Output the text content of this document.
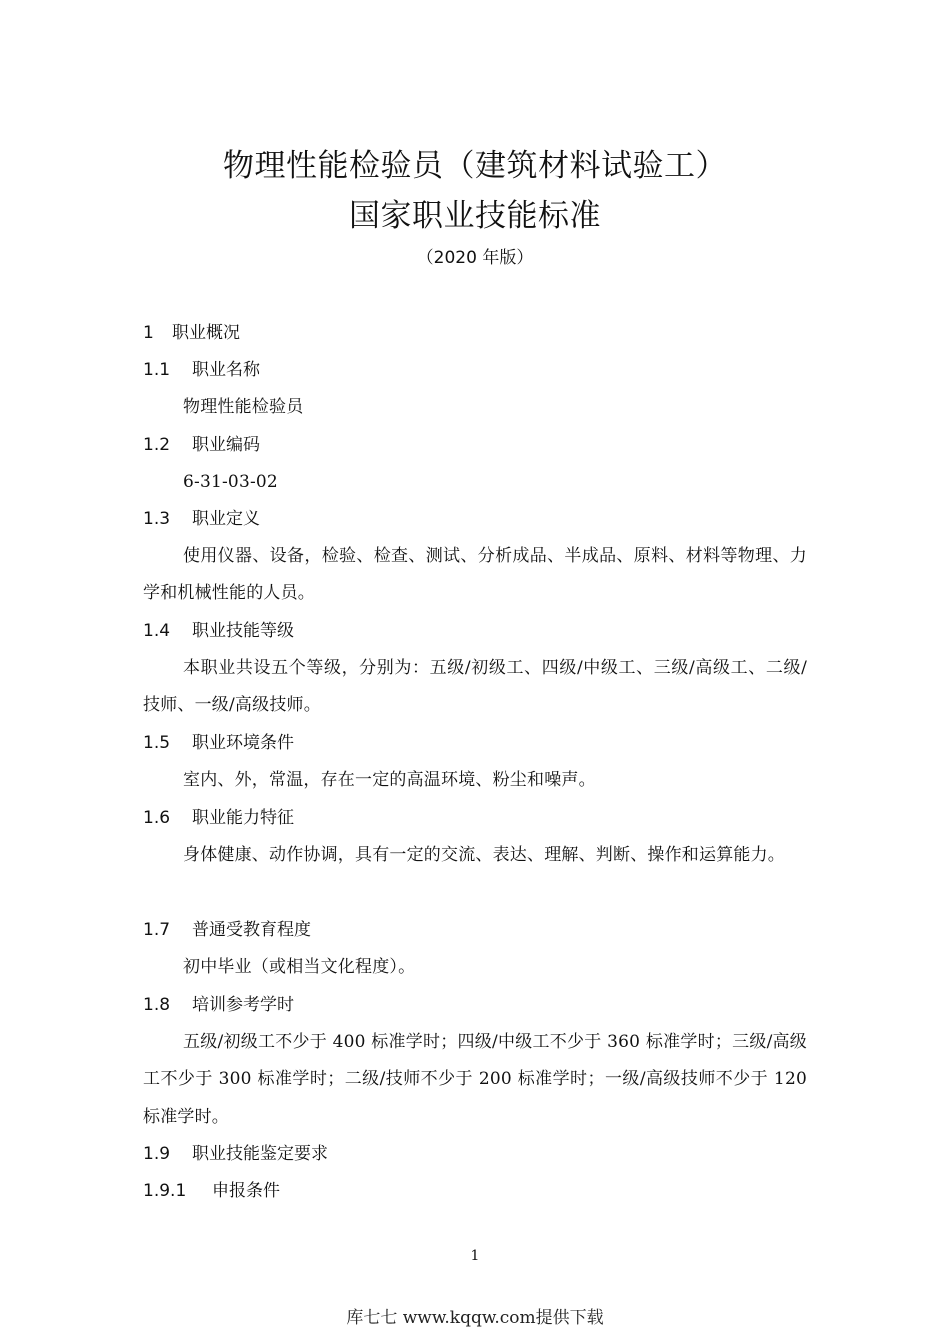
物理性能检验员（建筑材料试验工）
国家职业技能标准
（2020 年版）
1 职业概况
1.1 职业名称
物理性能检验员
1.2 职业编码
6-31-03-02
1.3 职业定义
使用仪器、设备，检验、检查、测试、分析成品、半成品、原料、材料等物理、力学和机械性能的人员。
1.4 职业技能等级
本职业共设五个等级，分别为：五级/初级工、四级/中级工、三级/高级工、二级/技师、一级/高级技师。
1.5 职业环境条件
室内、外，常温，存在一定的高温环境、粉尘和噪声。
1.6 职业能力特征
身体健康、动作协调，具有一定的交流、表达、理解、判断、操作和运算能力。
1.7 普通受教育程度
初中毕业（或相当文化程度）。
1.8 培训参考学时
五级/初级工不少于 400 标准学时；四级/中级工不少于 360 标准学时；三级/高级工不少于 300 标准学时；二级/技师不少于 200 标准学时；一级/高级技师不少于 120 标准学时。
1.9 职业技能鉴定要求
1.9.1 申报条件
1
库七七 www.kqqw.com提供下载
